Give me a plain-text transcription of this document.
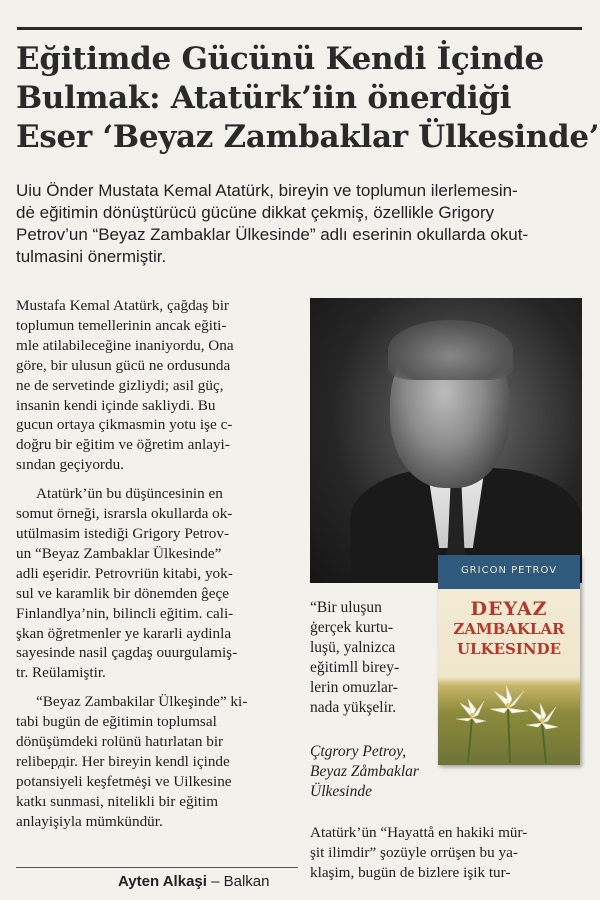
Eğitimde Gücünü Kendi İçinde
Bulmak: Atatürk’iin önerdiği
Eser ‘Beyaz Zambaklar Ülkesinde’
Uiu Önder Mustata Kemal Atatürk, bireyin ve toplumun ilerlemesin-
dė eğitimin dönüştürücü gücüne dikkat çekmiş, özellikle Grigory
Petrov’un “Beyaz Zambaklar Ülkesinde” adlı eserinin okullarda okut-
tulmasini önermiştir.
Mustafa Kemal Atatürk, çağdaş bir
toplumun temellerinin ancak eğiti-
mle atilabileceğine inaniyordu, Ona
göre, bir ulusun gücü ne ordusunda
ne de servetinde gizliydi; asil güç,
insanin kendi içinde sakliydi. Bu
gucun ortaya çikmasmin yotu işe c-
doğru bir eğitim ve öğretim anlayi-
sından geçiyordu.
Atatürk’ün bu düşüncesinin en
somut örneği, israrsla okullarda ok-
utülmasim istediği Grigory Petrov-
un “Beyaz Zambaklar Ülkesinde”
adli eşeridir. Petrovriün kitabi, yok-
sul ve karamlik bir dönemden ĝeçe
Finlandlya’nin, bilincli eğitim. cali-
şkan öğretmenler ye kararli aydinla
sayesinde nasil çagdaş ouurgulamiş-
tr. Reülamiştir.
“Beyaz Zambakilar Ülkeşinde” ki-
tabi bugün de eğitimin toplumsal
dönüşümdeki rolünü hatırlatan bir
relibердir. Her bireyin kendl içinde
potansiyeli keşfetmėşi ve Uilkesine
katkı sunmasi, nitelikli bir eğitim
anlayişiyla mümkündür.
“Bir uluşun
ġerçek kurtu-
luşü, yalnizca
eğitimll birey-
lerin omuzlar-
nada yükşelir.
Çtgrory Petroy,
Beyaz Zåmbaklar
Ülkesinde
GRICON PETROV
DEYAZ
ZAMBAKLAR
ULKESINDE
Atatürk’ün “Hayattå en hakiki mür-
şit ilimdir” şozüyle orrüşen bu ya-
klaşim, bugün de bizlere işik tur-
Ayten Alkaşi – Balkan
